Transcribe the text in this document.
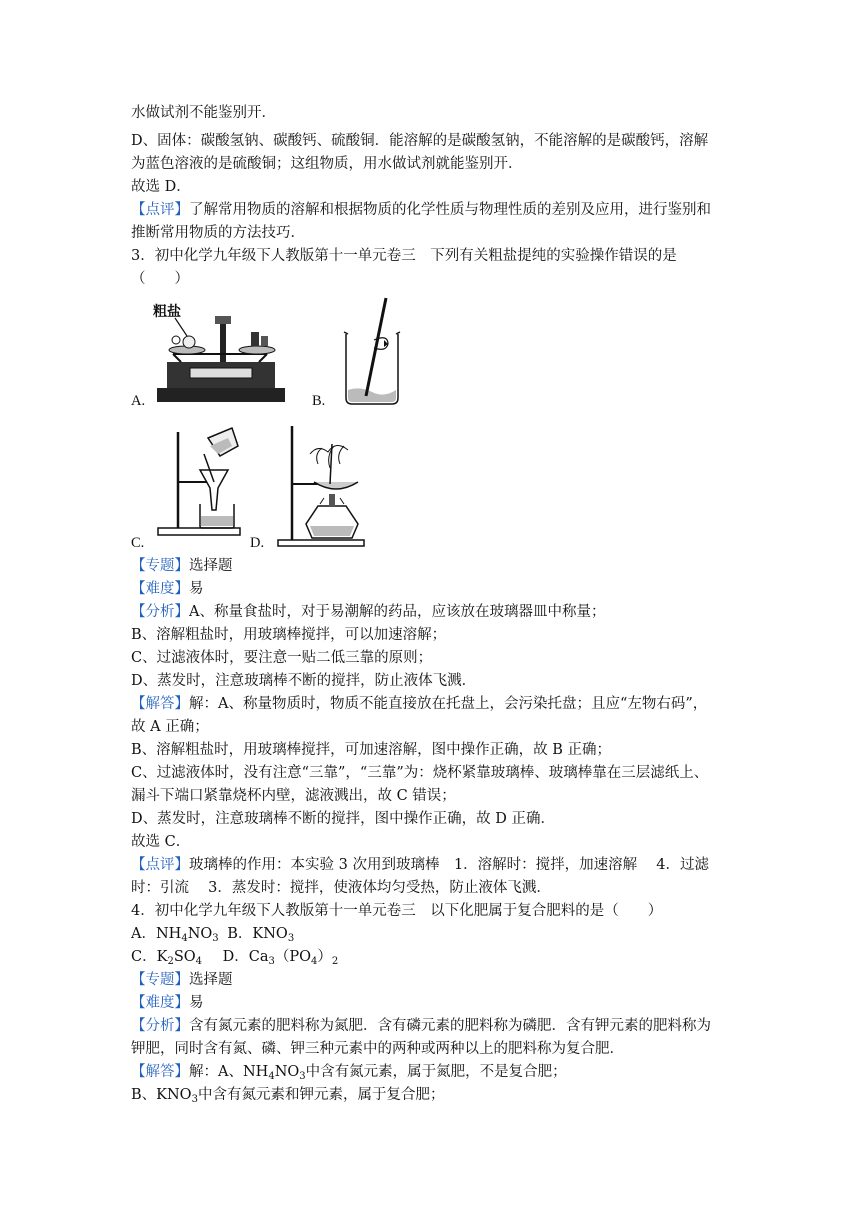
水做试剂不能鉴别开．
D、固体：碳酸氢钠、碳酸钙、硫酸铜．能溶解的是碳酸氢钠，不能溶解的是碳酸钙，溶解
为蓝色溶液的是硫酸铜；这组物质，用水做试剂就能鉴别开．
故选 D．
【点评】了解常用物质的溶解和根据物质的化学性质与物理性质的差别及应用，进行鉴别和
推断常用物质的方法技巧．
3．初中化学九年级下人教版第十一单元卷三　下列有关粗盐提纯的实验操作错误的是
（　　）
A.
粗盐
B.
C.	D.
【专题】选择题
【难度】易
【分析】A、称量食盐时，对于易潮解的药品，应该放在玻璃器皿中称量；
B、溶解粗盐时，用玻璃棒搅拌，可以加速溶解；
C、过滤液体时，要注意一贴二低三靠的原则；
D、蒸发时，注意玻璃棒不断的搅拌，防止液体飞溅．
【解答】解：A、称量物质时，物质不能直接放在托盘上，会污染托盘；且应“左物右码”，
故 A 正确；
B、溶解粗盐时，用玻璃棒搅拌，可加速溶解，图中操作正确，故 B 正确；
C、过滤液体时，没有注意“三靠”，“三靠”为：烧杯紧靠玻璃棒、玻璃棒靠在三层滤纸上、
漏斗下端口紧靠烧杯内壁，滤液溅出，故 C 错误；
D、蒸发时，注意玻璃棒不断的搅拌，图中操作正确，故 D 正确．
故选 C．
【点评】玻璃棒的作用：本实验 3 次用到玻璃棒　1．溶解时：搅拌，加速溶解　 4．过滤
时：引流　 3．蒸发时：搅拌，使液体均匀受热，防止液体飞溅．
4．初中化学九年级下人教版第十一单元卷三　以下化肥属于复合肥料的是（　　）
A．$NH_4NO_3$ B．$KNO_3$
C．$K_2SO_4$ D．$Ca_3(PO_4)_2$
【专题】选择题
【难度】易
【分析】含有氮元素的肥料称为氮肥．含有磷元素的肥料称为磷肥．含有钾元素的肥料称为
钾肥，同时含有氮、磷、钾三种元素中的两种或两种以上的肥料称为复合肥．
【解答】解：A、$NH_4NO_3$中含有氮元素，属于氮肥，不是复合肥；
B、$KNO_3$中含有氮元素和钾元素，属于复合肥；
